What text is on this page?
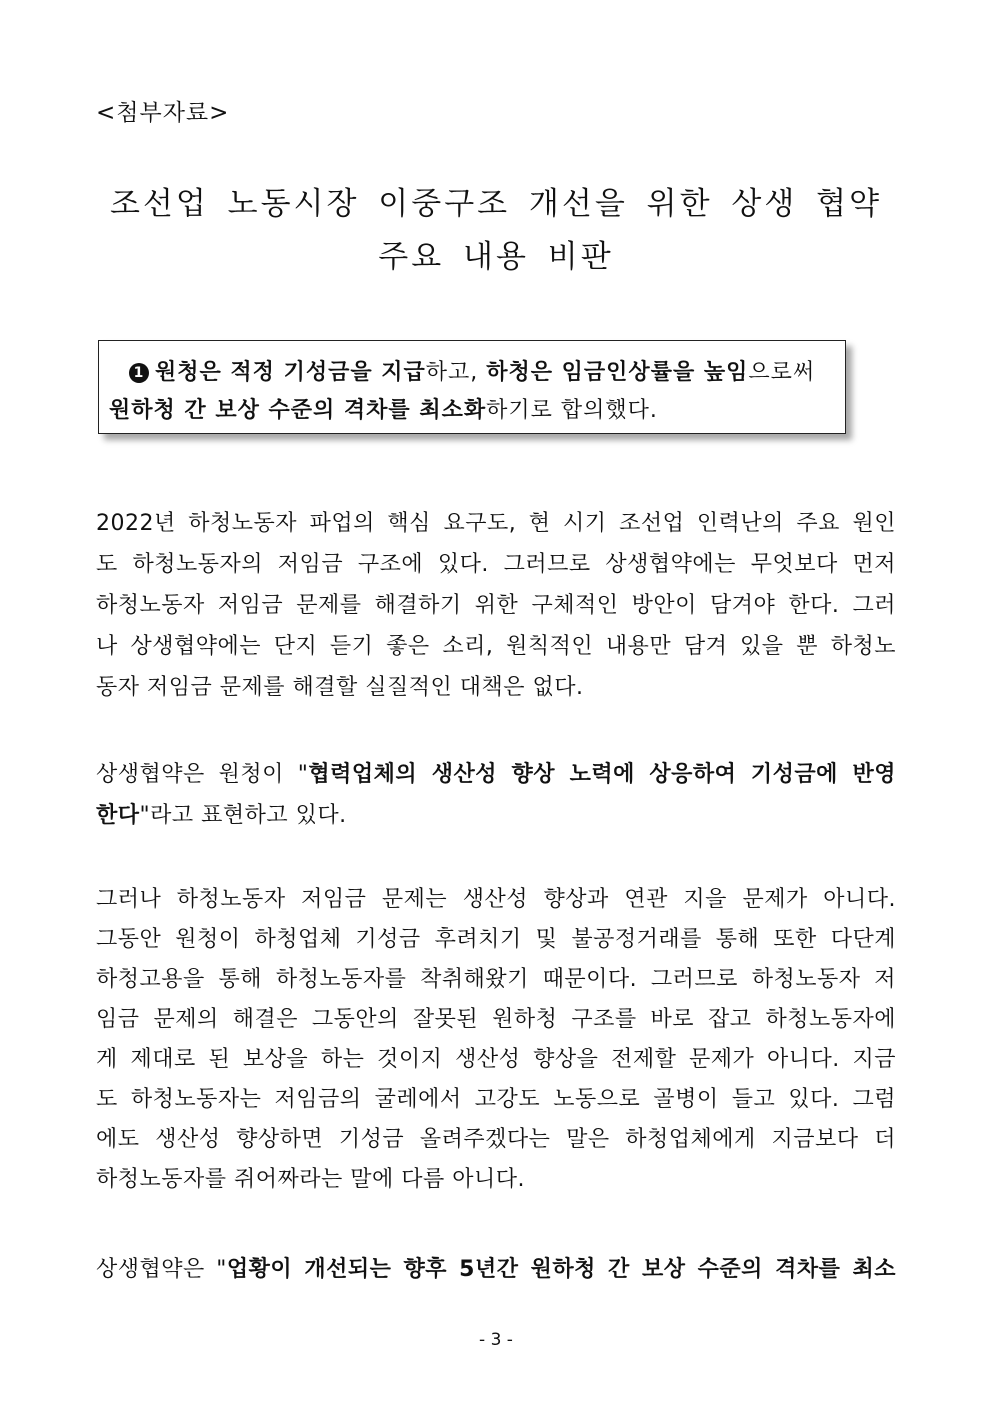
<첨부자료>
조선업 노동시장 이중구조 개선을 위한 상생 협약
주요 내용 비판
1 원청은 적정 기성금을 지급하고, 하청은 임금인상률을 높임으로써
원하청 간 보상 수준의 격차를 최소화하기로 합의했다.
2022년 하청노동자 파업의 핵심 요구도, 현 시기 조선업 인력난의 주요 원인
도 하청노동자의 저임금 구조에 있다. 그러므로 상생협약에는 무엇보다 먼저
하청노동자 저임금 문제를 해결하기 위한 구체적인 방안이 담겨야 한다. 그러
나 상생협약에는 단지 듣기 좋은 소리, 원칙적인 내용만 담겨 있을 뿐 하청노
동자 저임금 문제를 해결할 실질적인 대책은 없다.
상생협약은 원청이 "협력업체의 생산성 향상 노력에 상응하여 기성금에 반영
한다"라고 표현하고 있다.
그러나 하청노동자 저임금 문제는 생산성 향상과 연관 지을 문제가 아니다.
그동안 원청이 하청업체 기성금 후려치기 및 불공정거래를 통해 또한 다단계
하청고용을 통해 하청노동자를 착취해왔기 때문이다. 그러므로 하청노동자 저
임금 문제의 해결은 그동안의 잘못된 원하청 구조를 바로 잡고 하청노동자에
게 제대로 된 보상을 하는 것이지 생산성 향상을 전제할 문제가 아니다. 지금
도 하청노동자는 저임금의 굴레에서 고강도 노동으로 골병이 들고 있다. 그럼
에도 생산성 향상하면 기성금 올려주겠다는 말은 하청업체에게 지금보다 더
하청노동자를 쥐어짜라는 말에 다름 아니다.
상생협약은 "업황이 개선되는 향후 5년간 원하청 간 보상 수준의 격차를 최소
- 3 -
